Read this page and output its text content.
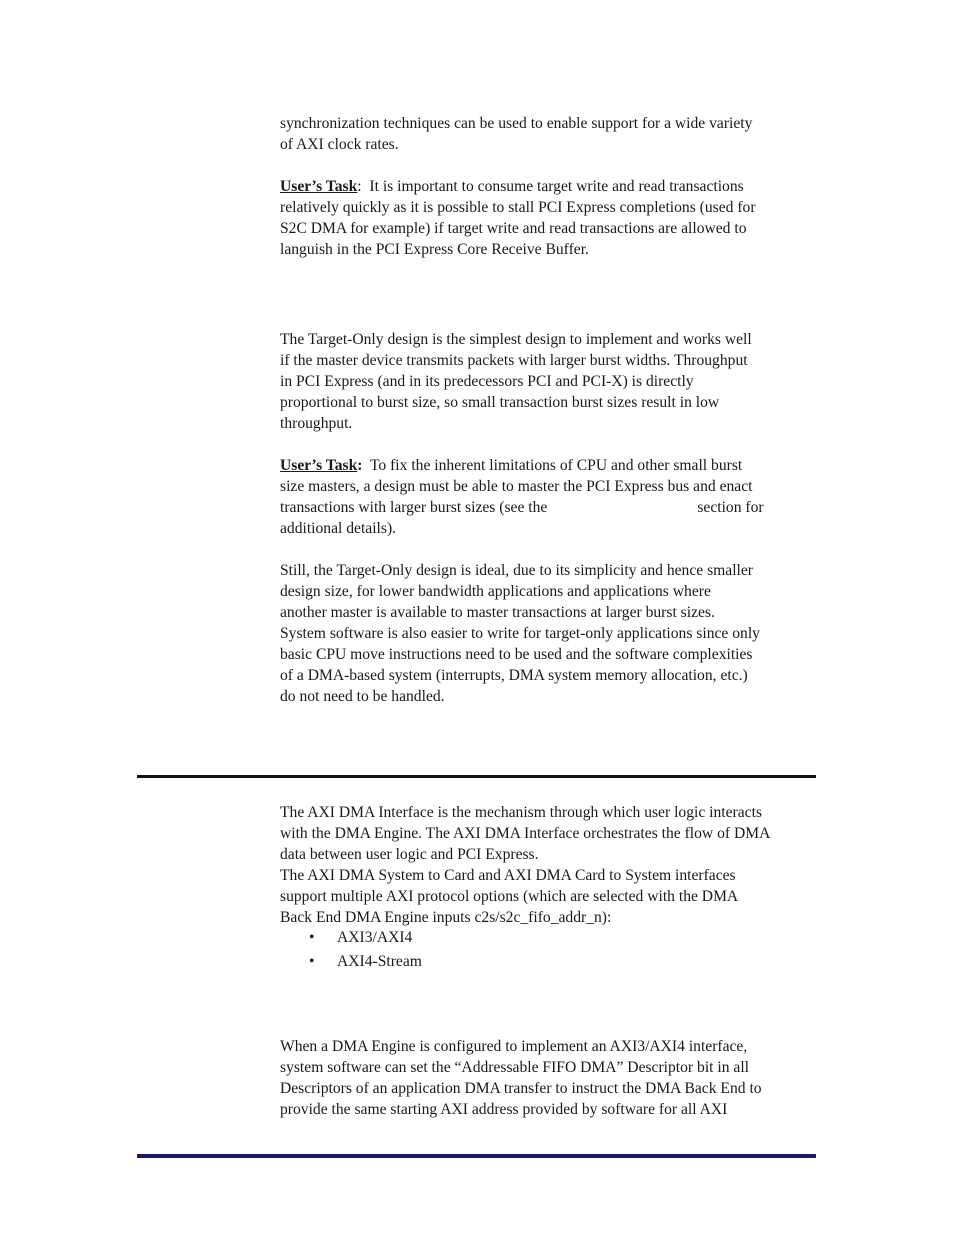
synchronization techniques can be used to enable support for a wide variety
of AXI clock rates.
User’s Task: It is important to consume target write and read transactions
relatively quickly as it is possible to stall PCI Express completions (used for
S2C DMA for example) if target write and read transactions are allowed to
languish in the PCI Express Core Receive Buffer.
The Target-Only design is the simplest design to implement and works well
if the master device transmits packets with larger burst widths. Throughput
in PCI Express (and in its predecessors PCI and PCI-X) is directly
proportional to burst size, so small transaction burst sizes result in low
throughput.
User’s Task: To fix the inherent limitations of CPU and other small burst
size masters, a design must be able to master the PCI Express bus and enact
transactions with larger burst sizes (see the	section for
additional details).
Still, the Target-Only design is ideal, due to its simplicity and hence smaller
design size, for lower bandwidth applications and applications where
another master is available to master transactions at larger burst sizes.
System software is also easier to write for target-only applications since only
basic CPU move instructions need to be used and the software complexities
of a DMA-based system (interrupts, DMA system memory allocation, etc.)
do not need to be handled.
The AXI DMA Interface is the mechanism through which user logic interacts
with the DMA Engine. The AXI DMA Interface orchestrates the flow of DMA
data between user logic and PCI Express.
The AXI DMA System to Card and AXI DMA Card to System interfaces
support multiple AXI protocol options (which are selected with the DMA
Back End DMA Engine inputs c2s/s2c_fifo_addr_n):
• AXI3/AXI4
• AXI4-Stream
When a DMA Engine is configured to implement an AXI3/AXI4 interface,
system software can set the “Addressable FIFO DMA” Descriptor bit in all
Descriptors of an application DMA transfer to instruct the DMA Back End to
provide the same starting AXI address provided by software for all AXI
